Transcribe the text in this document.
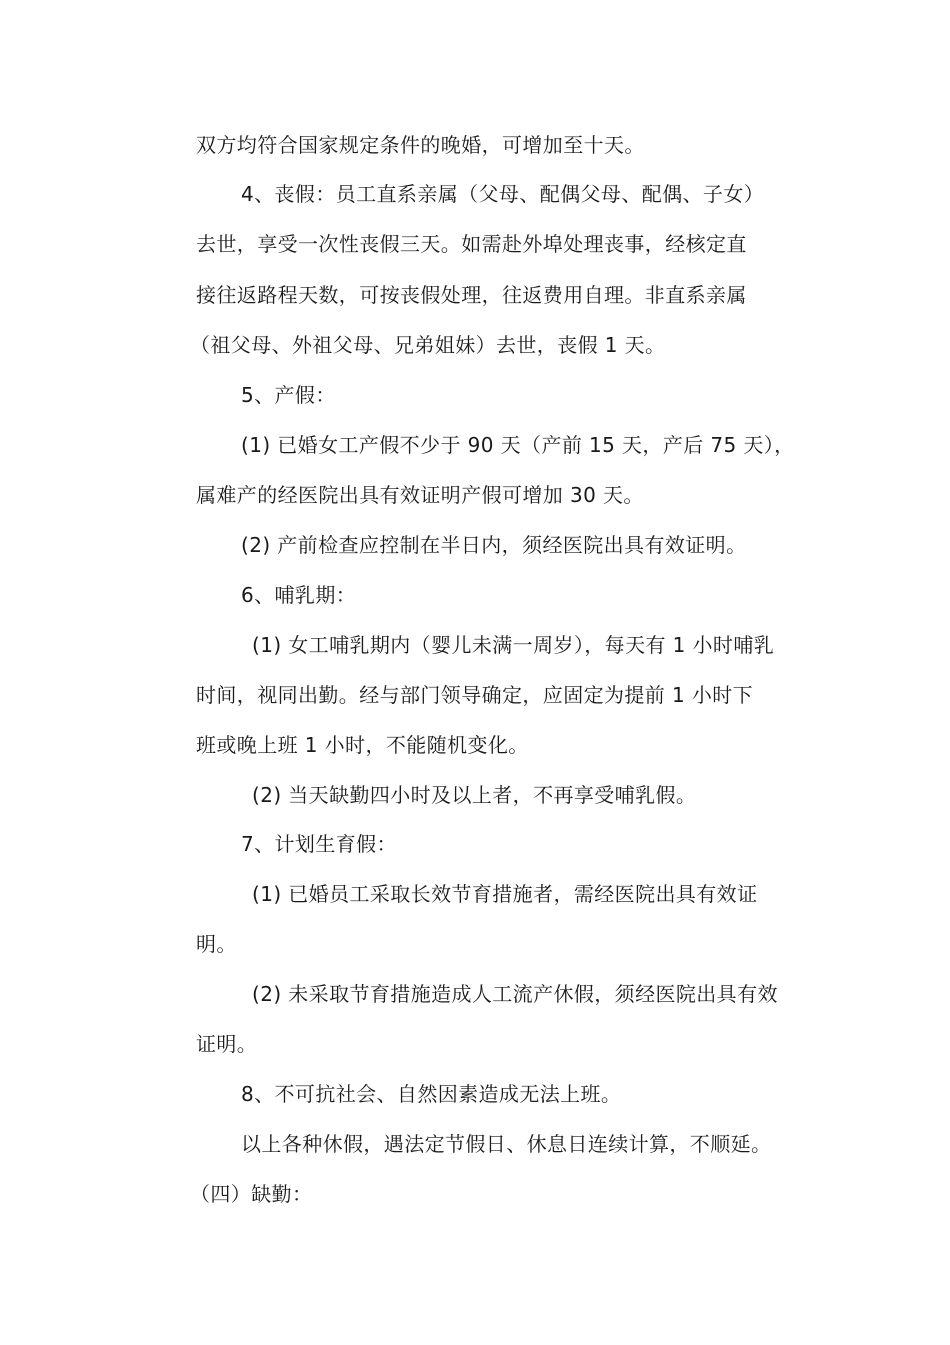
双方均符合国家规定条件的晚婚，可增加至十天。
4、丧假：员工直系亲属（父母、配偶父母、配偶、子女）
去世，享受一次性丧假三天。如需赴外埠处理丧事，经核定直
接往返路程天数，可按丧假处理，往返费用自理。非直系亲属
（祖父母、外祖父母、兄弟姐妹）去世，丧假 1 天。
5、产假：
(1) 已婚女工产假不少于 90 天（产前 15 天，产后 75 天），
属难产的经医院出具有效证明产假可增加 30 天。
(2) 产前检查应控制在半日内，须经医院出具有效证明。
6、哺乳期：
(1) 女工哺乳期内（婴儿未满一周岁），每天有 1 小时哺乳
时间，视同出勤。经与部门领导确定，应固定为提前 1 小时下
班或晚上班 1 小时，不能随机变化。
(2) 当天缺勤四小时及以上者，不再享受哺乳假。
7、计划生育假：
(1) 已婚员工采取长效节育措施者，需经医院出具有效证
明。
(2) 未采取节育措施造成人工流产休假，须经医院出具有效
证明。
8、不可抗社会、自然因素造成无法上班。
以上各种休假，遇法定节假日、休息日连续计算，不顺延。
（四）缺勤：
